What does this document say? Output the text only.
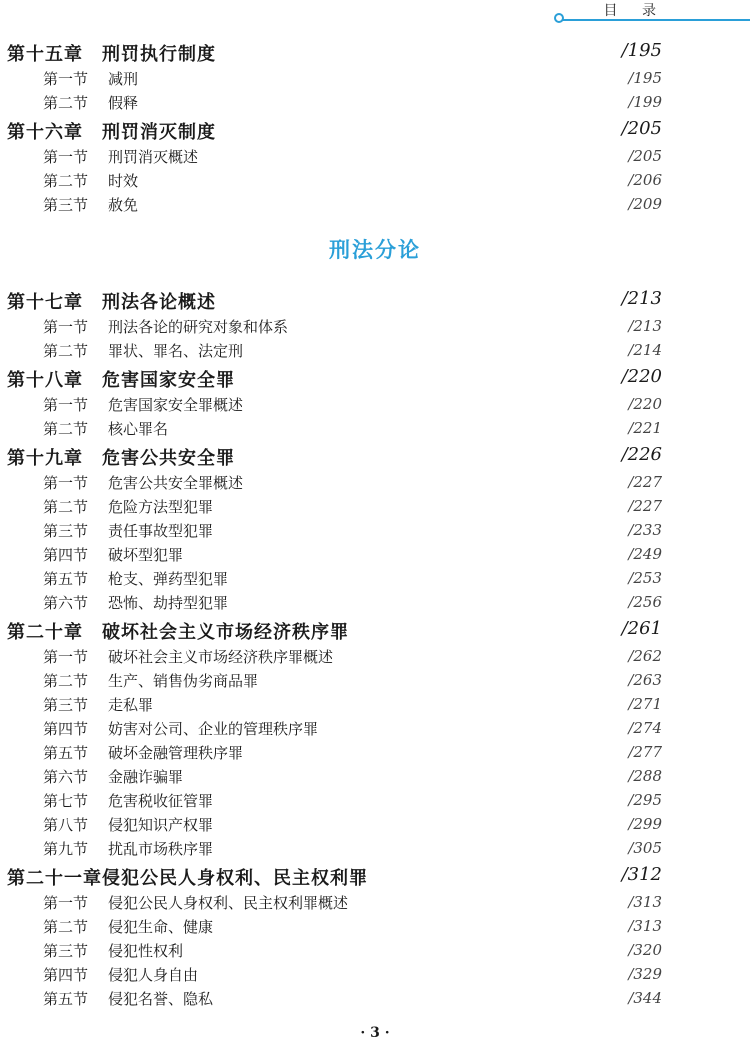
目 录
第十五章 刑罚执行制度	/195
第一节 减刑	/195
第二节 假释	/199
第十六章 刑罚消灭制度	/205
第一节 刑罚消灭概述	/205
第二节 时效	/206
第三节 赦免	/209
刑法分论
第十七章 刑法各论概述	/213
第一节 刑法各论的研究对象和体系	/213
第二节 罪状、罪名、法定刑	/214
第十八章 危害国家安全罪	/220
第一节 危害国家安全罪概述	/220
第二节 核心罪名	/221
第十九章 危害公共安全罪	/226
第一节 危害公共安全罪概述	/227
第二节 危险方法型犯罪	/227
第三节 责任事故型犯罪	/233
第四节 破坏型犯罪	/249
第五节 枪支、弹药型犯罪	/253
第六节 恐怖、劫持型犯罪	/256
第二十章 破坏社会主义市场经济秩序罪	/261
第一节 破坏社会主义市场经济秩序罪概述	/262
第二节 生产、销售伪劣商品罪	/263
第三节 走私罪	/271
第四节 妨害对公司、企业的管理秩序罪	/274
第五节 破坏金融管理秩序罪	/277
第六节 金融诈骗罪	/288
第七节 危害税收征管罪	/295
第八节 侵犯知识产权罪	/299
第九节 扰乱市场秩序罪	/305
第二十一章 侵犯公民人身权利、民主权利罪	/312
第一节 侵犯公民人身权利、民主权利罪概述	/313
第二节 侵犯生命、健康	/313
第三节 侵犯性权利	/320
第四节 侵犯人身自由	/329
第五节 侵犯名誉、隐私	/344
· 3 ·
